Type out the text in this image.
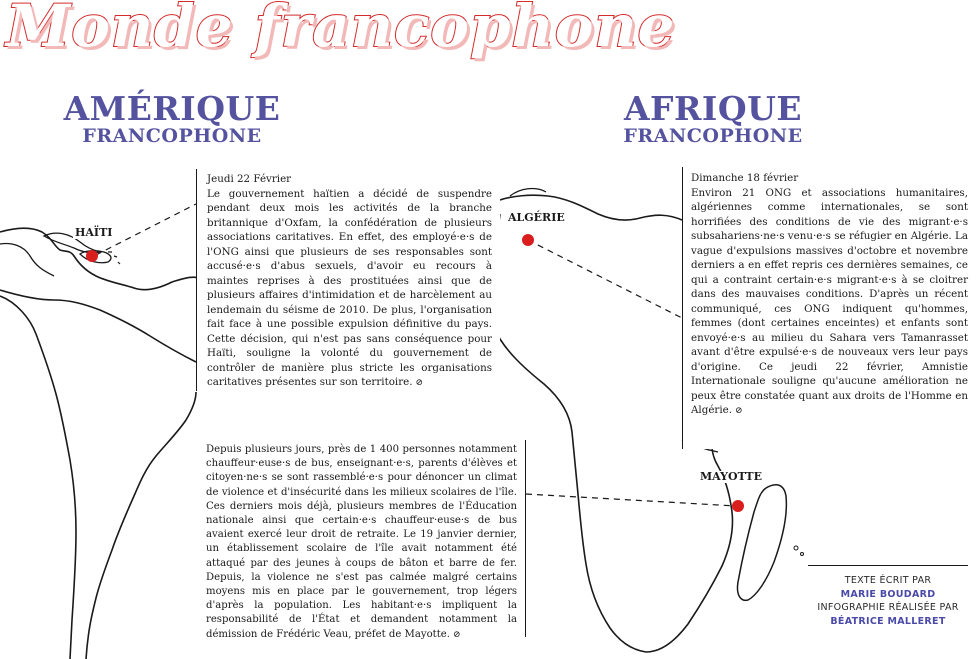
Monde francophone
AMÉRIQUE
FRANCOPHONE
AFRIQUE
FRANCOPHONE
HAÏTI
ALGÉRIE
MAYOTTE
Jeudi 22 Février
Le gouvernement haïtien a décidé de suspendre pendant deux mois les activités de la branche britannique d'Oxfam, la confédération de plusieurs associations caritatives. En effet, des employé·e·s de l'ONG ainsi que plusieurs de ses responsables sont accusé·e·s d'abus sexuels, d'avoir eu recours à maintes reprises à des prostituées ainsi que de plusieurs affaires d'intimidation et de harcèlement au lendemain du séisme de 2010. De plus, l'organisation fait face à une possible expulsion définitive du pays. Cette décision, qui n'est pas sans conséquence pour Haïti, souligne la volonté du gouvernement de contrôler de manière plus stricte les organisations caritatives présentes sur son territoire. ⊘
Dimanche 18 février
Environ 21 ONG et associations humanitaires, algériennes comme internationales, se sont horrifiées des conditions de vie des migrant·e·s subsahariens·ne·s venu·e·s se réfugier en Algérie. La vague d'expulsions massives d'octobre et novembre derniers a en effet repris ces dernières semaines, ce qui a contraint certain·e·s migrant·e·s à se cloitrer dans des mauvaises conditions. D'après un récent communiqué, ces ONG indiquent qu'hommes, femmes (dont certaines enceintes) et enfants sont envoyé·e·s au milieu du Sahara vers Tamanrasset avant d'être expulsé·e·s de nouveaux vers leur pays d'origine. Ce jeudi 22 février, Amnistie Internationale souligne qu'aucune amélioration ne peux être constatée quant aux droits de l'Homme en Algérie. ⊘
Depuis plusieurs jours, près de 1 400 personnes notamment chauffeur·euse·s de bus, enseignant·e·s, parents d'élèves et citoyen·ne·s se sont rassemblé·e·s pour dénoncer un climat de violence et d'insécurité dans les milieux scolaires de l'île. Ces derniers mois déjà, plusieurs membres de l'Éducation nationale ainsi que certain·e·s chauffeur·euse·s de bus avaient exercé leur droit de retraite. Le 19 janvier dernier, un établissement scolaire de l'île avait notamment été attaqué par des jeunes à coups de bâton et barre de fer. Depuis, la violence ne s'est pas calmée malgré certains moyens mis en place par le gouvernement, trop légers d'après la population. Les habitant·e·s impliquent la responsabilité de l'État et demandent notamment la démission de Frédéric Veau, préfet de Mayotte. ⊘
TEXTE ÉCRIT PAR
MARIE BOUDARD
INFOGRAPHIE RÉALISÉE PAR
BÉATRICE MALLERET
